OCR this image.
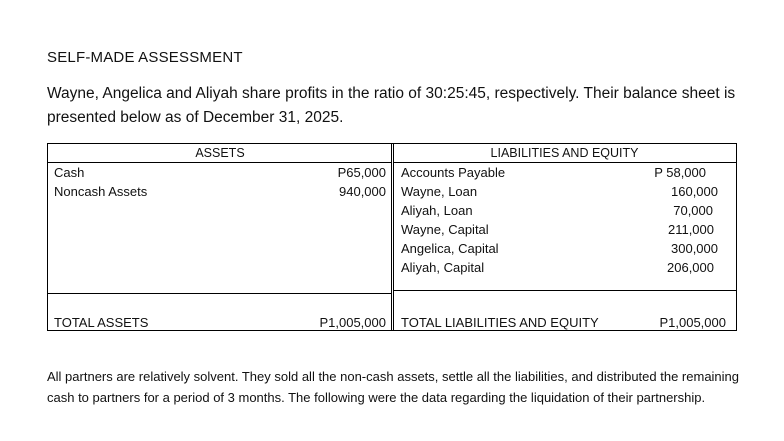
SELF-MADE ASSESSMENT
Wayne, Angelica and Aliyah share profits in the ratio of 30:25:45, respectively. Their balance sheet is presented below as of December 31, 2025.
ASSETS
Cash	P65,000
Noncash Assets	940,000
TOTAL ASSETS	P1,005,000
LIABILITIES AND EQUITY
Accounts Payable	P 58,000
Wayne, Loan	160,000
Aliyah, Loan	70,000
Wayne, Capital	211,000
Angelica, Capital	300,000
Aliyah, Capital	206,000
TOTAL LIABILITIES AND EQUITY	P1,005,000
All partners are relatively solvent. They sold all the non-cash assets, settle all the liabilities, and distributed the remaining cash to partners for a period of 3 months. The following were the data regarding the liquidation of their partnership.
